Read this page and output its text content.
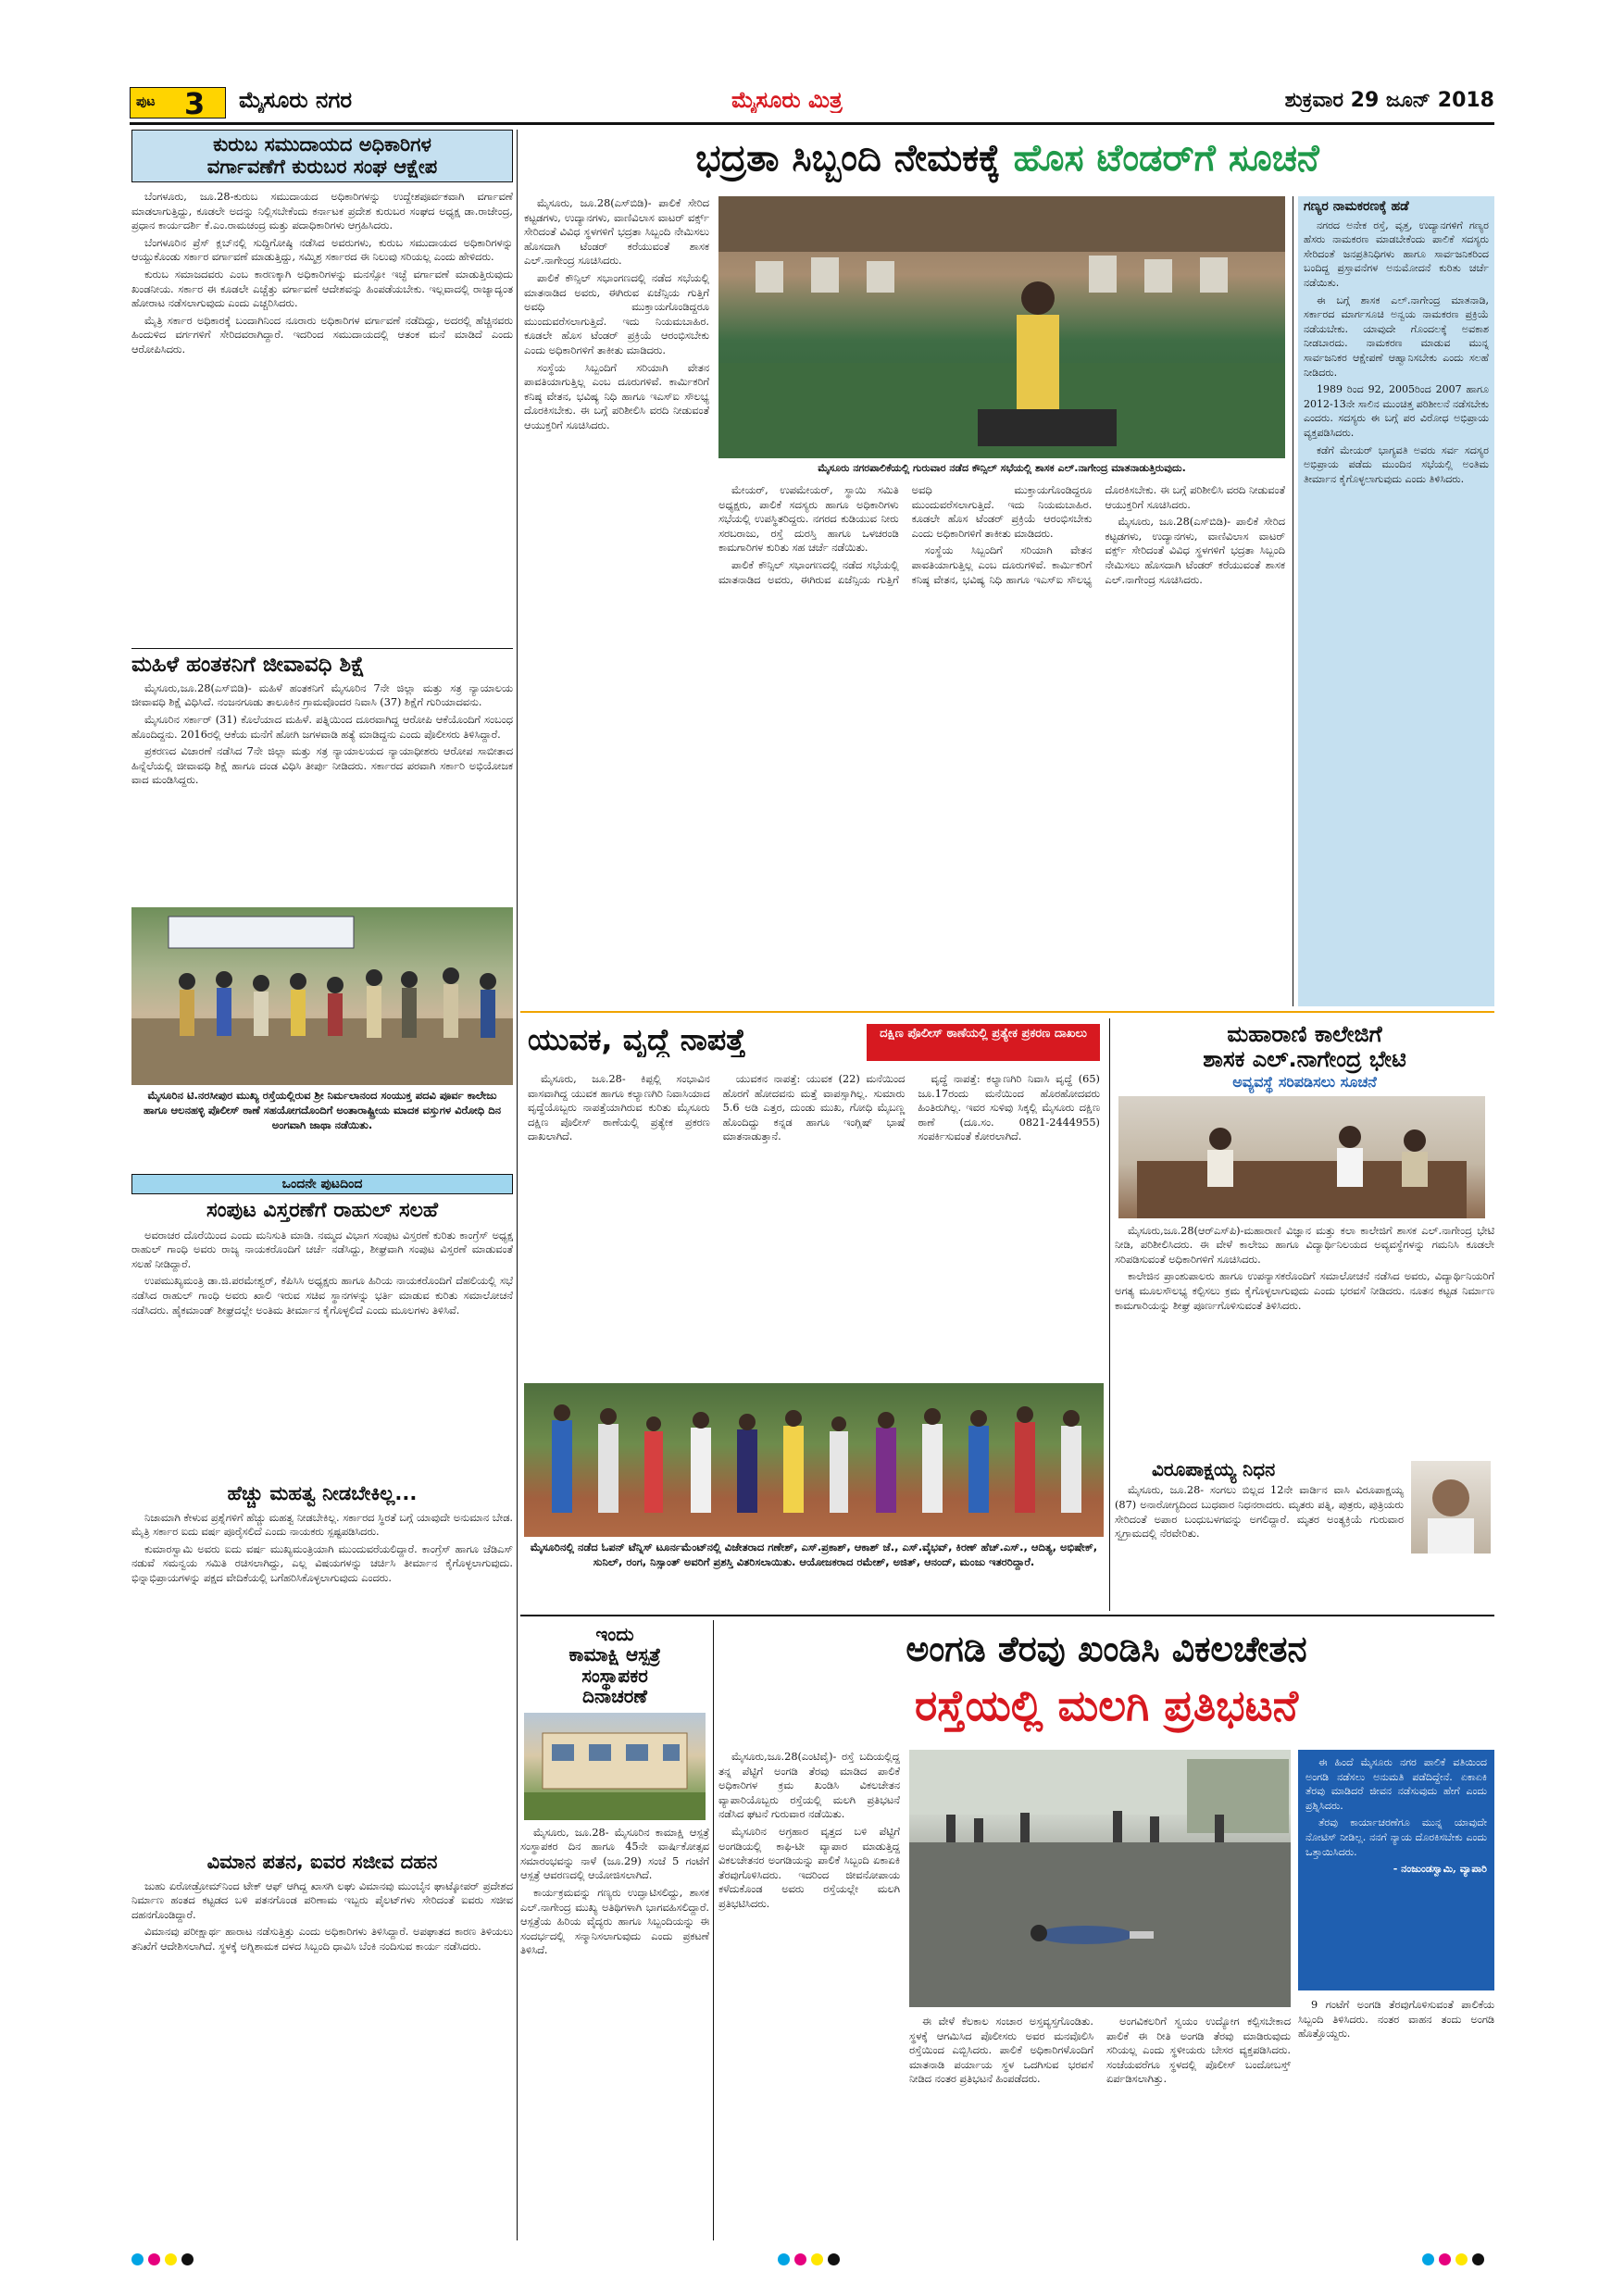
ಪುಟ 3 ಮೈಸೂರು ನಗರ	ಮೈಸೂರು ಮಿತ್ರ	ಶುಕ್ರವಾರ 29 ಜೂನ್ 2018
ಕುರುಬ ಸಮುದಾಯದ ಅಧಿಕಾರಿಗಳ
ವರ್ಗಾವಣೆಗೆ ಕುರುಬರ ಸಂಘ ಆಕ್ಷೇಪ

ಬೆಂಗಳೂರು, ಜೂ.28-ಕುರುಬ ಸಮುದಾಯದ ಅಧಿಕಾರಿಗಳನ್ನು ಉದ್ದೇಶಪೂರ್ವಕವಾಗಿ ವರ್ಗಾವಣೆ ಮಾಡಲಾಗುತ್ತಿದ್ದು, ಕೂಡಲೇ ಅದನ್ನು ನಿಲ್ಲಿಸಬೇಕೆಂದು ಕರ್ನಾಟಕ ಪ್ರದೇಶ ಕುರುಬರ ಸಂಘದ ಅಧ್ಯಕ್ಷ ಡಾ.ರಾಜೇಂದ್ರ, ಪ್ರಧಾನ ಕಾರ್ಯದರ್ಶಿ ಕೆ.ಎಂ.ರಾಮಚಂದ್ರ ಮತ್ತು ಪದಾಧಿಕಾರಿಗಳು ಆಗ್ರಹಿಸಿದರು.

ಬೆಂಗಳೂರಿನ ಪ್ರೆಸ್ ಕ್ಲಬ್‌ನಲ್ಲಿ ಸುದ್ದಿಗೋಷ್ಠಿ ನಡೆಸಿದ ಅವರುಗಳು, ಕುರುಬ ಸಮುದಾಯದ ಅಧಿಕಾರಿಗಳನ್ನು ಆಯ್ದುಕೊಂಡು ಸರ್ಕಾರ ವರ್ಗಾವಣೆ ಮಾಡುತ್ತಿದ್ದು, ಸಮ್ಮಿಶ್ರ ಸರ್ಕಾರದ ಈ ನಿಲುವು ಸರಿಯಲ್ಲ ಎಂದು ಹೇಳಿದರು.

ಕುರುಬ ಸಮಾಜದವರು ಎಂಬ ಕಾರಣಕ್ಕಾಗಿ ಅಧಿಕಾರಿಗಳನ್ನು ಮನಸ್ಸೋ ಇಚ್ಛೆ ವರ್ಗಾವಣೆ ಮಾಡುತ್ತಿರುವುದು ಖಂಡನೀಯ. ಸರ್ಕಾರ ಈ ಕೂಡಲೇ ಎಚ್ಚೆತ್ತು ವರ್ಗಾವಣೆ ಆದೇಶವನ್ನು ಹಿಂಪಡೆಯಬೇಕು. ಇಲ್ಲವಾದಲ್ಲಿ ರಾಜ್ಯಾದ್ಯಂತ ಹೋರಾಟ ನಡೆಸಲಾಗುವುದು ಎಂದು ಎಚ್ಚರಿಸಿದರು.

ಮೈತ್ರಿ ಸರ್ಕಾರ ಅಧಿಕಾರಕ್ಕೆ ಬಂದಾಗಿನಿಂದ ನೂರಾರು ಅಧಿಕಾರಿಗಳ ವರ್ಗಾವಣೆ ನಡೆದಿದ್ದು, ಅದರಲ್ಲಿ ಹೆಚ್ಚಿನವರು ಹಿಂದುಳಿದ ವರ್ಗಗಳಿಗೆ ಸೇರಿದವರಾಗಿದ್ದಾರೆ. ಇದರಿಂದ ಸಮುದಾಯದಲ್ಲಿ ಆತಂಕ ಮನೆ ಮಾಡಿದೆ ಎಂದು ಆರೋಪಿಸಿದರು.

ಮಹಿಳೆ ಹಂತಕನಿಗೆ ಜೀವಾವಧಿ ಶಿಕ್ಷೆ

ಮೈಸೂರು,ಜೂ.28(ಎಸ್‌ಬಿಡಿ)- ಮಹಿಳೆ ಹಂತಕನಿಗೆ ಮೈಸೂರಿನ 7ನೇ ಜಿಲ್ಲಾ ಮತ್ತು ಸತ್ರ ನ್ಯಾಯಾಲಯ ಜೀವಾವಧಿ ಶಿಕ್ಷೆ ವಿಧಿಸಿದೆ. ನಂಜನಗೂಡು ತಾಲೂಕಿನ ಗ್ರಾಮವೊಂದರ ನಿವಾಸಿ (37) ಶಿಕ್ಷೆಗೆ ಗುರಿಯಾದವನು.

ಮೈಸೂರಿನ ಸರ್ಕಾರ್ (31) ಕೊಲೆಯಾದ ಮಹಿಳೆ. ಪತ್ನಿಯಿಂದ ದೂರವಾಗಿದ್ದ ಆರೋಪಿ ಆಕೆಯೊಂದಿಗೆ ಸಂಬಂಧ ಹೊಂದಿದ್ದನು. 2016ರಲ್ಲಿ ಆಕೆಯ ಮನೆಗೆ ಹೋಗಿ ಜಗಳವಾಡಿ ಹತ್ಯೆ ಮಾಡಿದ್ದನು ಎಂದು ಪೊಲೀಸರು ತಿಳಿಸಿದ್ದಾರೆ.

ಪ್ರಕರಣದ ವಿಚಾರಣೆ ನಡೆಸಿದ 7ನೇ ಜಿಲ್ಲಾ ಮತ್ತು ಸತ್ರ ನ್ಯಾಯಾಲಯದ ನ್ಯಾಯಾಧೀಶರು ಆರೋಪ ಸಾಬೀತಾದ ಹಿನ್ನೆಲೆಯಲ್ಲಿ ಜೀವಾವಧಿ ಶಿಕ್ಷೆ ಹಾಗೂ ದಂಡ ವಿಧಿಸಿ ತೀರ್ಪು ನೀಡಿದರು. ಸರ್ಕಾರದ ಪರವಾಗಿ ಸರ್ಕಾರಿ ಅಭಿಯೋಜಕ ವಾದ ಮಂಡಿಸಿದ್ದರು.

ಮೈಸೂರಿನ ಟಿ.ನರಸೀಪುರ ಮುಖ್ಯ ರಸ್ತೆಯಲ್ಲಿರುವ ಶ್ರೀ ನಿರ್ಮಲಾನಂದ ಸಂಯುಕ್ತ ಪದವಿ ಪೂರ್ವ ಕಾಲೇಜು ಹಾಗೂ ಆಲನಹಳ್ಳಿ ಪೊಲೀಸ್ ಠಾಣೆ ಸಹಯೋಗದೊಂದಿಗೆ ಅಂತಾರಾಷ್ಟ್ರೀಯ ಮಾದಕ ವಸ್ತುಗಳ ವಿರೋಧಿ ದಿನ ಅಂಗವಾಗಿ ಜಾಥಾ ನಡೆಯಿತು.
ಒಂದನೇ ಪುಟದಿಂದ
ಸಂಪುಟ ವಿಸ್ತರಣೆಗೆ ರಾಹುಲ್ ಸಲಹೆ

ಅವರಾಚರ ದೊರೆಯಿಂದ ಎಂದು ಮನಿಸುತಿ ಮಾಡಿ. ನಮ್ಮದ ವಿಭಾಗ ಸಂಪುಟ ವಿಸ್ತರಣೆ ಕುರಿತು ಕಾಂಗ್ರೆಸ್ ಅಧ್ಯಕ್ಷ ರಾಹುಲ್ ಗಾಂಧಿ ಅವರು ರಾಜ್ಯ ನಾಯಕರೊಂದಿಗೆ ಚರ್ಚೆ ನಡೆಸಿದ್ದು, ಶೀಘ್ರವಾಗಿ ಸಂಪುಟ ವಿಸ್ತರಣೆ ಮಾಡುವಂತೆ ಸಲಹೆ ನೀಡಿದ್ದಾರೆ.

ಉಪಮುಖ್ಯಮಂತ್ರಿ ಡಾ.ಜಿ.ಪರಮೇಶ್ವರ್, ಕೆಪಿಸಿಸಿ ಅಧ್ಯಕ್ಷರು ಹಾಗೂ ಹಿರಿಯ ನಾಯಕರೊಂದಿಗೆ ದೆಹಲಿಯಲ್ಲಿ ಸಭೆ ನಡೆಸಿದ ರಾಹುಲ್ ಗಾಂಧಿ ಅವರು ಖಾಲಿ ಇರುವ ಸಚಿವ ಸ್ಥಾನಗಳನ್ನು ಭರ್ತಿ ಮಾಡುವ ಕುರಿತು ಸಮಾಲೋಚನೆ ನಡೆಸಿದರು. ಹೈಕಮಾಂಡ್ ಶೀಘ್ರದಲ್ಲೇ ಅಂತಿಮ ತೀರ್ಮಾನ ಕೈಗೊಳ್ಳಲಿದೆ ಎಂದು ಮೂಲಗಳು ತಿಳಿಸಿವೆ.

ಹೆಚ್ಚು ಮಹತ್ವ ನೀಡಬೇಕಿಲ್ಲ...

ನಿಜಾಮಾಗಿ ಕೇಳುವ ಪ್ರಶ್ನೆಗಳಿಗೆ ಹೆಚ್ಚು ಮಹತ್ವ ನೀಡಬೇಕಿಲ್ಲ. ಸರ್ಕಾರದ ಸ್ಥಿರತೆ ಬಗ್ಗೆ ಯಾವುದೇ ಅನುಮಾನ ಬೇಡ. ಮೈತ್ರಿ ಸರ್ಕಾರ ಐದು ವರ್ಷ ಪೂರೈಸಲಿದೆ ಎಂದು ನಾಯಕರು ಸ್ಪಷ್ಟಪಡಿಸಿದರು.

ಕುಮಾರಸ್ವಾಮಿ ಅವರು ಐದು ವರ್ಷ ಮುಖ್ಯಮಂತ್ರಿಯಾಗಿ ಮುಂದುವರೆಯಲಿದ್ದಾರೆ. ಕಾಂಗ್ರೆಸ್ ಹಾಗೂ ಜೆಡಿಎಸ್ ನಡುವೆ ಸಮನ್ವಯ ಸಮಿತಿ ರಚಿಸಲಾಗಿದ್ದು, ಎಲ್ಲ ವಿಷಯಗಳನ್ನು ಚರ್ಚಿಸಿ ತೀರ್ಮಾನ ಕೈಗೊಳ್ಳಲಾಗುವುದು. ಭಿನ್ನಾಭಿಪ್ರಾಯಗಳನ್ನು ಪಕ್ಷದ ವೇದಿಕೆಯಲ್ಲಿ ಬಗೆಹರಿಸಿಕೊಳ್ಳಲಾಗುವುದು ಎಂದರು.

ವಿಮಾನ ಪತನ, ಐವರ ಸಜೀವ ದಹನ

ಜುಹು ಏರೋಡ್ರೋಮ್‌ನಿಂದ ಟೇಕ್ ಆಫ್ ಆಗಿದ್ದ ಖಾಸಗಿ ಲಘು ವಿಮಾನವು ಮುಂಬೈನ ಘಾಟ್ಕೋಪರ್ ಪ್ರದೇಶದ ನಿರ್ಮಾಣ ಹಂತದ ಕಟ್ಟಡದ ಬಳಿ ಪತನಗೊಂಡ ಪರಿಣಾಮ ಇಬ್ಬರು ಪೈಲಟ್‌ಗಳು ಸೇರಿದಂತೆ ಐವರು ಸಜೀವ ದಹನಗೊಂಡಿದ್ದಾರೆ.

ವಿಮಾನವು ಪರೀಕ್ಷಾರ್ಥ ಹಾರಾಟ ನಡೆಸುತ್ತಿತ್ತು ಎಂದು ಅಧಿಕಾರಿಗಳು ತಿಳಿಸಿದ್ದಾರೆ. ಅಪಘಾತದ ಕಾರಣ ತಿಳಿಯಲು ತನಿಖೆಗೆ ಆದೇಶಿಸಲಾಗಿದೆ. ಸ್ಥಳಕ್ಕೆ ಅಗ್ನಿಶಾಮಕ ದಳದ ಸಿಬ್ಬಂದಿ ಧಾವಿಸಿ ಬೆಂಕಿ ನಂದಿಸುವ ಕಾರ್ಯ ನಡೆಸಿದರು.

ಭದ್ರತಾ ಸಿಬ್ಬಂದಿ ನೇಮಕಕ್ಕೆ ಹೊಸ ಟೆಂಡರ್‌ಗೆ ಸೂಚನೆ

ಮೈಸೂರು, ಜೂ.28(ಎಸ್‌ಬಿಡಿ)- ಪಾಲಿಕೆ ಸೇರಿದ ಕಟ್ಟಡಗಳು, ಉದ್ಯಾನಗಳು, ವಾಣಿವಿಲಾಸ ವಾಟರ್ ವರ್ಕ್ಸ್ ಸೇರಿದಂತೆ ವಿವಿಧ ಸ್ಥಳಗಳಿಗೆ ಭದ್ರತಾ ಸಿಬ್ಬಂದಿ ನೇಮಿಸಲು ಹೊಸದಾಗಿ ಟೆಂಡರ್ ಕರೆಯುವಂತೆ ಶಾಸಕ ಎಲ್.ನಾಗೇಂದ್ರ ಸೂಚಿಸಿದರು.

ಪಾಲಿಕೆ ಕೌನ್ಸಿಲ್ ಸಭಾಂಗಣದಲ್ಲಿ ನಡೆದ ಸಭೆಯಲ್ಲಿ ಮಾತನಾಡಿದ ಅವರು, ಈಗಿರುವ ಏಜೆನ್ಸಿಯ ಗುತ್ತಿಗೆ ಅವಧಿ ಮುಕ್ತಾಯಗೊಂಡಿದ್ದರೂ ಮುಂದುವರೆಸಲಾಗುತ್ತಿದೆ. ಇದು ನಿಯಮಬಾಹಿರ. ಕೂಡಲೇ ಹೊಸ ಟೆಂಡರ್ ಪ್ರಕ್ರಿಯೆ ಆರಂಭಿಸಬೇಕು ಎಂದು ಅಧಿಕಾರಿಗಳಿಗೆ ತಾಕೀತು ಮಾಡಿದರು.

ಸಂಸ್ಥೆಯ ಸಿಬ್ಬಂದಿಗೆ ಸರಿಯಾಗಿ ವೇತನ ಪಾವತಿಯಾಗುತ್ತಿಲ್ಲ ಎಂಬ ದೂರುಗಳಿವೆ. ಕಾರ್ಮಿಕರಿಗೆ ಕನಿಷ್ಠ ವೇತನ, ಭವಿಷ್ಯ ನಿಧಿ ಹಾಗೂ ಇಎಸ್‌ಐ ಸೌಲಭ್ಯ ದೊರಕಿಸಬೇಕು. ಈ ಬಗ್ಗೆ ಪರಿಶೀಲಿಸಿ ವರದಿ ನೀಡುವಂತೆ ಆಯುಕ್ತರಿಗೆ ಸೂಚಿಸಿದರು.

ಮೈಸೂರು ನಗರಪಾಲಿಕೆಯಲ್ಲಿ ಗುರುವಾರ ನಡೆದ ಕೌನ್ಸಿಲ್ ಸಭೆಯಲ್ಲಿ ಶಾಸಕ ಎಲ್.ನಾಗೇಂದ್ರ ಮಾತನಾಡುತ್ತಿರುವುದು.

ಮೇಯರ್, ಉಪಮೇಯರ್, ಸ್ಥಾಯಿ ಸಮಿತಿ ಅಧ್ಯಕ್ಷರು, ಪಾಲಿಕೆ ಸದಸ್ಯರು ಹಾಗೂ ಅಧಿಕಾರಿಗಳು ಸಭೆಯಲ್ಲಿ ಉಪಸ್ಥಿತರಿದ್ದರು. ನಗರದ ಕುಡಿಯುವ ನೀರು ಸರಬರಾಜು, ರಸ್ತೆ ದುರಸ್ತಿ ಹಾಗೂ ಒಳಚರಂಡಿ ಕಾಮಗಾರಿಗಳ ಕುರಿತು ಸಹ ಚರ್ಚೆ ನಡೆಯಿತು.

ಪಾಲಿಕೆ ಕೌನ್ಸಿಲ್ ಸಭಾಂಗಣದಲ್ಲಿ ನಡೆದ ಸಭೆಯಲ್ಲಿ ಮಾತನಾಡಿದ ಅವರು, ಈಗಿರುವ ಏಜೆನ್ಸಿಯ ಗುತ್ತಿಗೆ ಅವಧಿ ಮುಕ್ತಾಯಗೊಂಡಿದ್ದರೂ ಮುಂದುವರೆಸಲಾಗುತ್ತಿದೆ. ಇದು ನಿಯಮಬಾಹಿರ. ಕೂಡಲೇ ಹೊಸ ಟೆಂಡರ್ ಪ್ರಕ್ರಿಯೆ ಆರಂಭಿಸಬೇಕು ಎಂದು ಅಧಿಕಾರಿಗಳಿಗೆ ತಾಕೀತು ಮಾಡಿದರು.

ಸಂಸ್ಥೆಯ ಸಿಬ್ಬಂದಿಗೆ ಸರಿಯಾಗಿ ವೇತನ ಪಾವತಿಯಾಗುತ್ತಿಲ್ಲ ಎಂಬ ದೂರುಗಳಿವೆ. ಕಾರ್ಮಿಕರಿಗೆ ಕನಿಷ್ಠ ವೇತನ, ಭವಿಷ್ಯ ನಿಧಿ ಹಾಗೂ ಇಎಸ್‌ಐ ಸೌಲಭ್ಯ ದೊರಕಿಸಬೇಕು. ಈ ಬಗ್ಗೆ ಪರಿಶೀಲಿಸಿ ವರದಿ ನೀಡುವಂತೆ ಆಯುಕ್ತರಿಗೆ ಸೂಚಿಸಿದರು.

ಮೈಸೂರು, ಜೂ.28(ಎಸ್‌ಬಿಡಿ)- ಪಾಲಿಕೆ ಸೇರಿದ ಕಟ್ಟಡಗಳು, ಉದ್ಯಾನಗಳು, ವಾಣಿವಿಲಾಸ ವಾಟರ್ ವರ್ಕ್ಸ್ ಸೇರಿದಂತೆ ವಿವಿಧ ಸ್ಥಳಗಳಿಗೆ ಭದ್ರತಾ ಸಿಬ್ಬಂದಿ ನೇಮಿಸಲು ಹೊಸದಾಗಿ ಟೆಂಡರ್ ಕರೆಯುವಂತೆ ಶಾಸಕ ಎಲ್.ನಾಗೇಂದ್ರ ಸೂಚಿಸಿದರು.

ಗಣ್ಯರ ನಾಮಕರಣಕ್ಕೆ ಹಡೆ

ನಗರದ ಅನೇಕ ರಸ್ತೆ, ವೃತ್ತ, ಉದ್ಯಾನಗಳಿಗೆ ಗಣ್ಯರ ಹೆಸರು ನಾಮಕರಣ ಮಾಡಬೇಕೆಂದು ಪಾಲಿಕೆ ಸದಸ್ಯರು ಸೇರಿದಂತೆ ಜನಪ್ರತಿನಿಧಿಗಳು ಹಾಗೂ ಸಾರ್ವಜನಿಕರಿಂದ ಬಂದಿದ್ದ ಪ್ರಸ್ತಾವನೆಗಳ ಅನುಮೋದನೆ ಕುರಿತು ಚರ್ಚೆ ನಡೆಯಿತು.

ಈ ಬಗ್ಗೆ ಶಾಸಕ ಎಲ್.ನಾಗೇಂದ್ರ ಮಾತನಾಡಿ, ಸರ್ಕಾರದ ಮಾರ್ಗಸೂಚಿ ಅನ್ವಯ ನಾಮಕರಣ ಪ್ರಕ್ರಿಯೆ ನಡೆಯಬೇಕು. ಯಾವುದೇ ಗೊಂದಲಕ್ಕೆ ಅವಕಾಶ ನೀಡಬಾರದು. ನಾಮಕರಣ ಮಾಡುವ ಮುನ್ನ ಸಾರ್ವಜನಿಕರ ಆಕ್ಷೇಪಣೆ ಆಹ್ವಾನಿಸಬೇಕು ಎಂದು ಸಲಹೆ ನೀಡಿದರು.

1989 ರಿಂದ 92, 2005ರಿಂದ 2007 ಹಾಗೂ 2012-13ನೇ ಸಾಲಿನ ಮುಂಚಿತ್ತ ಪರಿಶೀಲನೆ ನಡೆಸಬೇಕು ಎಂದರು. ಸದಸ್ಯರು ಈ ಬಗ್ಗೆ ಪರ ವಿರೋಧ ಅಭಿಪ್ರಾಯ ವ್ಯಕ್ತಪಡಿಸಿದರು.

ಕಡೆಗೆ ಮೇಯರ್ ಭಾಗ್ಯವತಿ ಅವರು ಸರ್ವ ಸದಸ್ಯರ ಅಭಿಪ್ರಾಯ ಪಡೆದು ಮುಂದಿನ ಸಭೆಯಲ್ಲಿ ಅಂತಿಮ ತೀರ್ಮಾನ ಕೈಗೊಳ್ಳಲಾಗುವುದು ಎಂದು ತಿಳಿಸಿದರು.

ಯುವಕ, ವೃದ್ಧೆ ನಾಪತ್ತೆ	ದಕ್ಷಿಣ ಪೊಲೀಸ್ ಠಾಣೆಯಲ್ಲಿ ಪ್ರತ್ಯೇಕ ಪ್ರಕರಣ ದಾಖಲು

ಮೈಸೂರು, ಜೂ.28- ಕಿಪ್ಪಲ್ಲಿ ಸಂಭಾವಿನ ವಾಸವಾಗಿದ್ದ ಯುವಕ ಹಾಗೂ ಕಲ್ಯಾಣಗಿರಿ ನಿವಾಸಿಯಾದ ವೃದ್ಧೆಯೊಬ್ಬರು ನಾಪತ್ತೆಯಾಗಿರುವ ಕುರಿತು ಮೈಸೂರು ದಕ್ಷಿಣ ಪೊಲೀಸ್ ಠಾಣೆಯಲ್ಲಿ ಪ್ರತ್ಯೇಕ ಪ್ರಕರಣ ದಾಖಲಾಗಿದೆ.

ಯುವಕನ ನಾಪತ್ತೆ: ಯುವಕ (22) ಮನೆಯಿಂದ ಹೊರಗೆ ಹೋದವನು ಮತ್ತೆ ವಾಪಸ್ಸಾಗಿಲ್ಲ. ಸುಮಾರು 5.6 ಅಡಿ ಎತ್ತರ, ದುಂಡು ಮುಖ, ಗೋಧಿ ಮೈಬಣ್ಣ ಹೊಂದಿದ್ದು ಕನ್ನಡ ಹಾಗೂ ಇಂಗ್ಲಿಷ್ ಭಾಷೆ ಮಾತನಾಡುತ್ತಾನೆ.

ವೃದ್ಧೆ ನಾಪತ್ತೆ: ಕಲ್ಯಾಣಗಿರಿ ನಿವಾಸಿ ವೃದ್ಧೆ (65) ಜೂ.17ರಂದು ಮನೆಯಿಂದ ಹೊರಹೋದವರು ಹಿಂತಿರುಗಿಲ್ಲ. ಇವರ ಸುಳಿವು ಸಿಕ್ಕಲ್ಲಿ ಮೈಸೂರು ದಕ್ಷಿಣ ಠಾಣೆ (ದೂ.ಸಂ. 0821-2444955) ಸಂಪರ್ಕಿಸುವಂತೆ ಕೋರಲಾಗಿದೆ.

ಮೈಸೂರಿನಲ್ಲಿ ನಡೆದ ಓಪನ್ ಟೆನ್ನಿಸ್ ಟೂರ್ನಮೆಂಟ್‌ನಲ್ಲಿ ವಿಜೇತರಾದ ಗಣೇಶ್, ಎಸ್.ಪ್ರಕಾಶ್, ಆಕಾಶ್ ಜೆ., ಎಸ್.ವೈಭವ್, ಕಿರಣ್ ಹೆಚ್.ಎಸ್., ಆದಿತ್ಯ, ಅಭಿಷೇಕ್, ಸುನಿಲ್, ರಂಗ, ನಿಸ್ಸಾಂತ್ ಅವರಿಗೆ ಪ್ರಶಸ್ತಿ ವಿತರಿಸಲಾಯಿತು. ಆಯೋಜಕರಾದ ರಮೇಶ್, ಅಜಿತ್, ಆನಂದ್, ಮಂಜು ಇತರರಿದ್ದಾರೆ.
ಮಹಾರಾಣಿ ಕಾಲೇಜಿಗೆ
ಶಾಸಕ ಎಲ್.ನಾಗೇಂದ್ರ ಭೇಟಿ
ಅವ್ಯವಸ್ಥೆ ಸರಿಪಡಿಸಲು ಸೂಚನೆ

ಮೈಸೂರು,ಜೂ.28(ಆರ್‌ಎಸ್‌ಪಿ)-ಮಹಾರಾಣಿ ವಿಜ್ಞಾನ ಮತ್ತು ಕಲಾ ಕಾಲೇಜಿಗೆ ಶಾಸಕ ಎಲ್.ನಾಗೇಂದ್ರ ಭೇಟಿ ನೀಡಿ, ಪರಿಶೀಲಿಸಿದರು. ಈ ವೇಳೆ ಕಾಲೇಜು ಹಾಗೂ ವಿದ್ಯಾರ್ಥಿನಿಲಯದ ಅವ್ಯವಸ್ಥೆಗಳನ್ನು ಗಮನಿಸಿ ಕೂಡಲೇ ಸರಿಪಡಿಸುವಂತೆ ಅಧಿಕಾರಿಗಳಿಗೆ ಸೂಚಿಸಿದರು.

ಕಾಲೇಜಿನ ಪ್ರಾಂಶುಪಾಲರು ಹಾಗೂ ಉಪನ್ಯಾಸಕರೊಂದಿಗೆ ಸಮಾಲೋಚನೆ ನಡೆಸಿದ ಅವರು, ವಿದ್ಯಾರ್ಥಿನಿಯರಿಗೆ ಅಗತ್ಯ ಮೂಲಸೌಲಭ್ಯ ಕಲ್ಪಿಸಲು ಕ್ರಮ ಕೈಗೊಳ್ಳಲಾಗುವುದು ಎಂದು ಭರವಸೆ ನೀಡಿದರು. ನೂತನ ಕಟ್ಟಡ ನಿರ್ಮಾಣ ಕಾಮಗಾರಿಯನ್ನು ಶೀಘ್ರ ಪೂರ್ಣಗೊಳಿಸುವಂತೆ ತಿಳಿಸಿದರು.

ವಿರೂಪಾಕ್ಷಯ್ಯ ನಿಧನ

ಮೈಸೂರು, ಜೂ.28- ಸಂಗಲು ಬಿಲ್ಲದ 12ನೇ ವಾರ್ಡಿನ ವಾಸಿ ವಿರೂಪಾಕ್ಷಯ್ಯ (87) ಅನಾರೋಗ್ಯದಿಂದ ಬುಧವಾರ ನಿಧನರಾದರು. ಮೃತರು ಪತ್ನಿ, ಪುತ್ರರು, ಪುತ್ರಿಯರು ಸೇರಿದಂತೆ ಅಪಾರ ಬಂಧುಬಳಗವನ್ನು ಅಗಲಿದ್ದಾರೆ. ಮೃತರ ಅಂತ್ಯಕ್ರಿಯೆ ಗುರುವಾರ ಸ್ವಗ್ರಾಮದಲ್ಲಿ ನೆರವೇರಿತು.

ಇಂದು
ಕಾಮಾಕ್ಷಿ ಆಸ್ಪತ್ರೆ
ಸಂಸ್ಥಾಪಕರ
ದಿನಾಚರಣೆ

ಮೈಸೂರು, ಜೂ.28- ಮೈಸೂರಿನ ಕಾಮಾಕ್ಷಿ ಆಸ್ಪತ್ರೆ ಸಂಸ್ಥಾಪಕರ ದಿನ ಹಾಗೂ 45ನೇ ವಾರ್ಷಿಕೋತ್ಸವ ಸಮಾರಂಭವನ್ನು ನಾಳೆ (ಜೂ.29) ಸಂಜೆ 5 ಗಂಟೆಗೆ ಆಸ್ಪತ್ರೆ ಆವರಣದಲ್ಲಿ ಆಯೋಜಿಸಲಾಗಿದೆ.

ಕಾರ್ಯಕ್ರಮವನ್ನು ಗಣ್ಯರು ಉದ್ಘಾಟಿಸಲಿದ್ದು, ಶಾಸಕ ಎಲ್.ನಾಗೇಂದ್ರ ಮುಖ್ಯ ಅತಿಥಿಗಳಾಗಿ ಭಾಗವಹಿಸಲಿದ್ದಾರೆ. ಆಸ್ಪತ್ರೆಯ ಹಿರಿಯ ವೈದ್ಯರು ಹಾಗೂ ಸಿಬ್ಬಂದಿಯನ್ನು ಈ ಸಂದರ್ಭದಲ್ಲಿ ಸನ್ಮಾನಿಸಲಾಗುವುದು ಎಂದು ಪ್ರಕಟಣೆ ತಿಳಿಸಿದೆ.

ಅಂಗಡಿ ತೆರವು ಖಂಡಿಸಿ ವಿಕಲಚೇತನ
ರಸ್ತೆಯಲ್ಲಿ ಮಲಗಿ ಪ್ರತಿಭಟನೆ

ಮೈಸೂರು,ಜೂ.28(ಎಂಟಿವೈ)- ರಸ್ತೆ ಬದಿಯಲ್ಲಿದ್ದ ತನ್ನ ಪೆಟ್ಟಿಗೆ ಅಂಗಡಿ ತೆರವು ಮಾಡಿದ ಪಾಲಿಕೆ ಅಧಿಕಾರಿಗಳ ಕ್ರಮ ಖಂಡಿಸಿ ವಿಕಲಚೇತನ ವ್ಯಾಪಾರಿಯೊಬ್ಬರು ರಸ್ತೆಯಲ್ಲಿ ಮಲಗಿ ಪ್ರತಿಭಟನೆ ನಡೆಸಿದ ಘಟನೆ ಗುರುವಾರ ನಡೆಯಿತು.

ಮೈಸೂರಿನ ಅಗ್ರಹಾರ ವೃತ್ತದ ಬಳಿ ಪೆಟ್ಟಿಗೆ ಅಂಗಡಿಯಲ್ಲಿ ಕಾಫಿ-ಟೀ ವ್ಯಾಪಾರ ಮಾಡುತ್ತಿದ್ದ ವಿಕಲಚೇತನರ ಅಂಗಡಿಯನ್ನು ಪಾಲಿಕೆ ಸಿಬ್ಬಂದಿ ಏಕಾಏಕಿ ತೆರವುಗೊಳಿಸಿದರು. ಇದರಿಂದ ಜೀವನೋಪಾಯ ಕಳೆದುಕೊಂಡ ಅವರು ರಸ್ತೆಯಲ್ಲೇ ಮಲಗಿ ಪ್ರತಿಭಟಿಸಿದರು.

ಈ ವೇಳೆ ಕೆಲಕಾಲ ಸಂಚಾರ ಅಸ್ತವ್ಯಸ್ತಗೊಂಡಿತು. ಸ್ಥಳಕ್ಕೆ ಆಗಮಿಸಿದ ಪೊಲೀಸರು ಅವರ ಮನವೊಲಿಸಿ ರಸ್ತೆಯಿಂದ ಎಬ್ಬಿಸಿದರು. ಪಾಲಿಕೆ ಅಧಿಕಾರಿಗಳೊಂದಿಗೆ ಮಾತನಾಡಿ ಪರ್ಯಾಯ ಸ್ಥಳ ಒದಗಿಸುವ ಭರವಸೆ ನೀಡಿದ ನಂತರ ಪ್ರತಿಭಟನೆ ಹಿಂಪಡೆದರು.

ಅಂಗವಿಕಲರಿಗೆ ಸ್ವಯಂ ಉದ್ಯೋಗ ಕಲ್ಪಿಸಬೇಕಾದ ಪಾಲಿಕೆ ಈ ರೀತಿ ಅಂಗಡಿ ತೆರವು ಮಾಡಿರುವುದು ಸರಿಯಲ್ಲ ಎಂದು ಸ್ಥಳೀಯರು ಬೇಸರ ವ್ಯಕ್ತಪಡಿಸಿದರು. ಸಂಜೆಯವರೆಗೂ ಸ್ಥಳದಲ್ಲಿ ಪೊಲೀಸ್ ಬಂದೋಬಸ್ತ್ ಏರ್ಪಡಿಸಲಾಗಿತ್ತು.

ಈ ಹಿಂದೆ ಮೈಸೂರು ನಗರ ಪಾಲಿಕೆ ವತಿಯಿಂದ ಅಂಗಡಿ ನಡೆಸಲು ಅನುಮತಿ ಪಡೆದಿದ್ದೇನೆ. ಏಕಾಏಕಿ ತೆರವು ಮಾಡಿದರೆ ಜೀವನ ನಡೆಸುವುದು ಹೇಗೆ ಎಂದು ಪ್ರಶ್ನಿಸಿದರು.

ತೆರವು ಕಾರ್ಯಾಚರಣೆಗೂ ಮುನ್ನ ಯಾವುದೇ ನೋಟಿಸ್ ನೀಡಿಲ್ಲ. ನನಗೆ ನ್ಯಾಯ ದೊರಕಿಸಬೇಕು ಎಂದು ಒತ್ತಾಯಿಸಿದರು.

- ನಂಜುಂಡಸ್ವಾಮಿ, ವ್ಯಾಪಾರಿ

9 ಗಂಟೆಗೆ ಅಂಗಡಿ ತೆರವುಗೊಳಿಸುವಂತೆ ಪಾಲಿಕೆಯ ಸಿಬ್ಬಂದಿ ತಿಳಿಸಿದರು. ನಂತರ ವಾಹನ ತಂದು ಅಂಗಡಿ ಹೊತ್ತೊಯ್ದರು.
